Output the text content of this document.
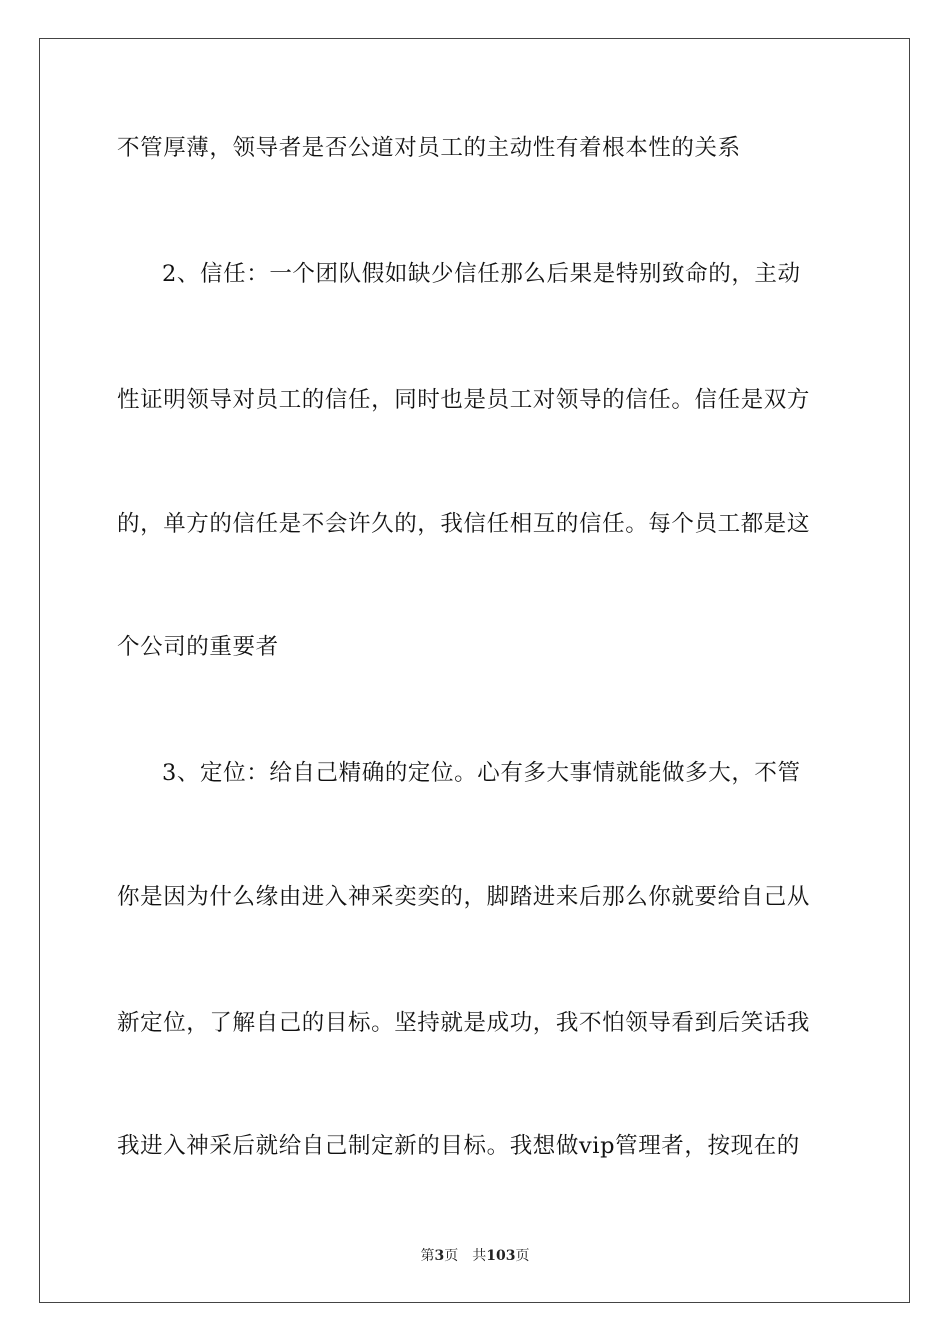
不管厚薄，领导者是否公道对员工的主动性有着根本性的关系
2、信任：一个团队假如缺少信任那么后果是特别致命的，主动
性证明领导对员工的信任，同时也是员工对领导的信任。信任是双方
的，单方的信任是不会许久的，我信任相互的信任。每个员工都是这
个公司的重要者
3、定位：给自己精确的定位。心有多大事情就能做多大，不管
你是因为什么缘由进入神采奕奕的，脚踏进来后那么你就要给自己从
新定位，了解自己的目标。坚持就是成功，我不怕领导看到后笑话我
我进入神采后就给自己制定新的目标。我想做vip管理者，按现在的
第3页 共103页
